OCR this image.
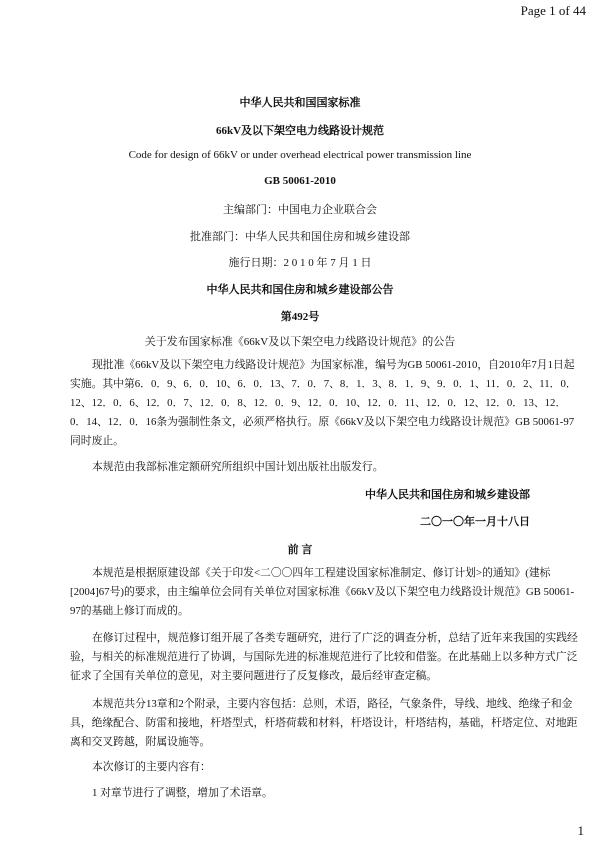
Page 1 of 44
中华人民共和国国家标准
66kV及以下架空电力线路设计规范
Code for design of 66kV or under overhead electrical power transmission line
GB 50061-2010
主编部门：中国电力企业联合会
批准部门：中华人民共和国住房和城乡建设部
施行日期：2 0 1 0 年 7 月 1 日
中华人民共和国住房和城乡建设部公告
第492号
关于发布国家标准《66kV及以下架空电力线路设计规范》的公告
现批准《66kV及以下架空电力线路设计规范》为国家标准，编号为GB 50061-2010，自2010年7月1日起
实施。其中第6．0．9、6．0．10、6．0．13、7．0．7、8．1．3、8．1．9、9．0．1、11．0．2、11．0．
12、12．0．6、12．0．7、12．0．8、12．0．9、12．0．10、12．0．11、12．0．12、12．0．13、12．
0．14、12．0．16条为强制性条文，必须严格执行。原《66kV及以下架空电力线路设计规范》GB 50061-97
同时废止。
本规范由我部标准定额研究所组织中国计划出版社出版发行。
中华人民共和国住房和城乡建设部
二〇一〇年一月十八日
前 言
本规范是根据原建设部《关于印发<二〇〇四年工程建设国家标准制定、修订计划>的通知》(建标
[2004]67号)的要求，由主编单位会同有关单位对国家标准《66kV及以下架空电力线路设计规范》GB 50061-
97的基础上修订而成的。
在修订过程中，规范修订组开展了各类专题研究，进行了广泛的调查分析，总结了近年来我国的实践经
验，与相关的标准规范进行了协调，与国际先进的标准规范进行了比较和借鉴。在此基础上以多种方式广泛
征求了全国有关单位的意见，对主要问题进行了反复修改，最后经审查定稿。
本规范共分13章和2个附录，主要内容包括：总则，术语，路径，气象条件，导线、地线、绝缘子和金
具，绝缘配合、防雷和接地，杆塔型式，杆塔荷载和材料，杆塔设计，杆塔结构，基础，杆塔定位、对地距
离和交叉跨越，附属设施等。
本次修订的主要内容有：
1 对章节进行了调整，增加了术语章。
1
